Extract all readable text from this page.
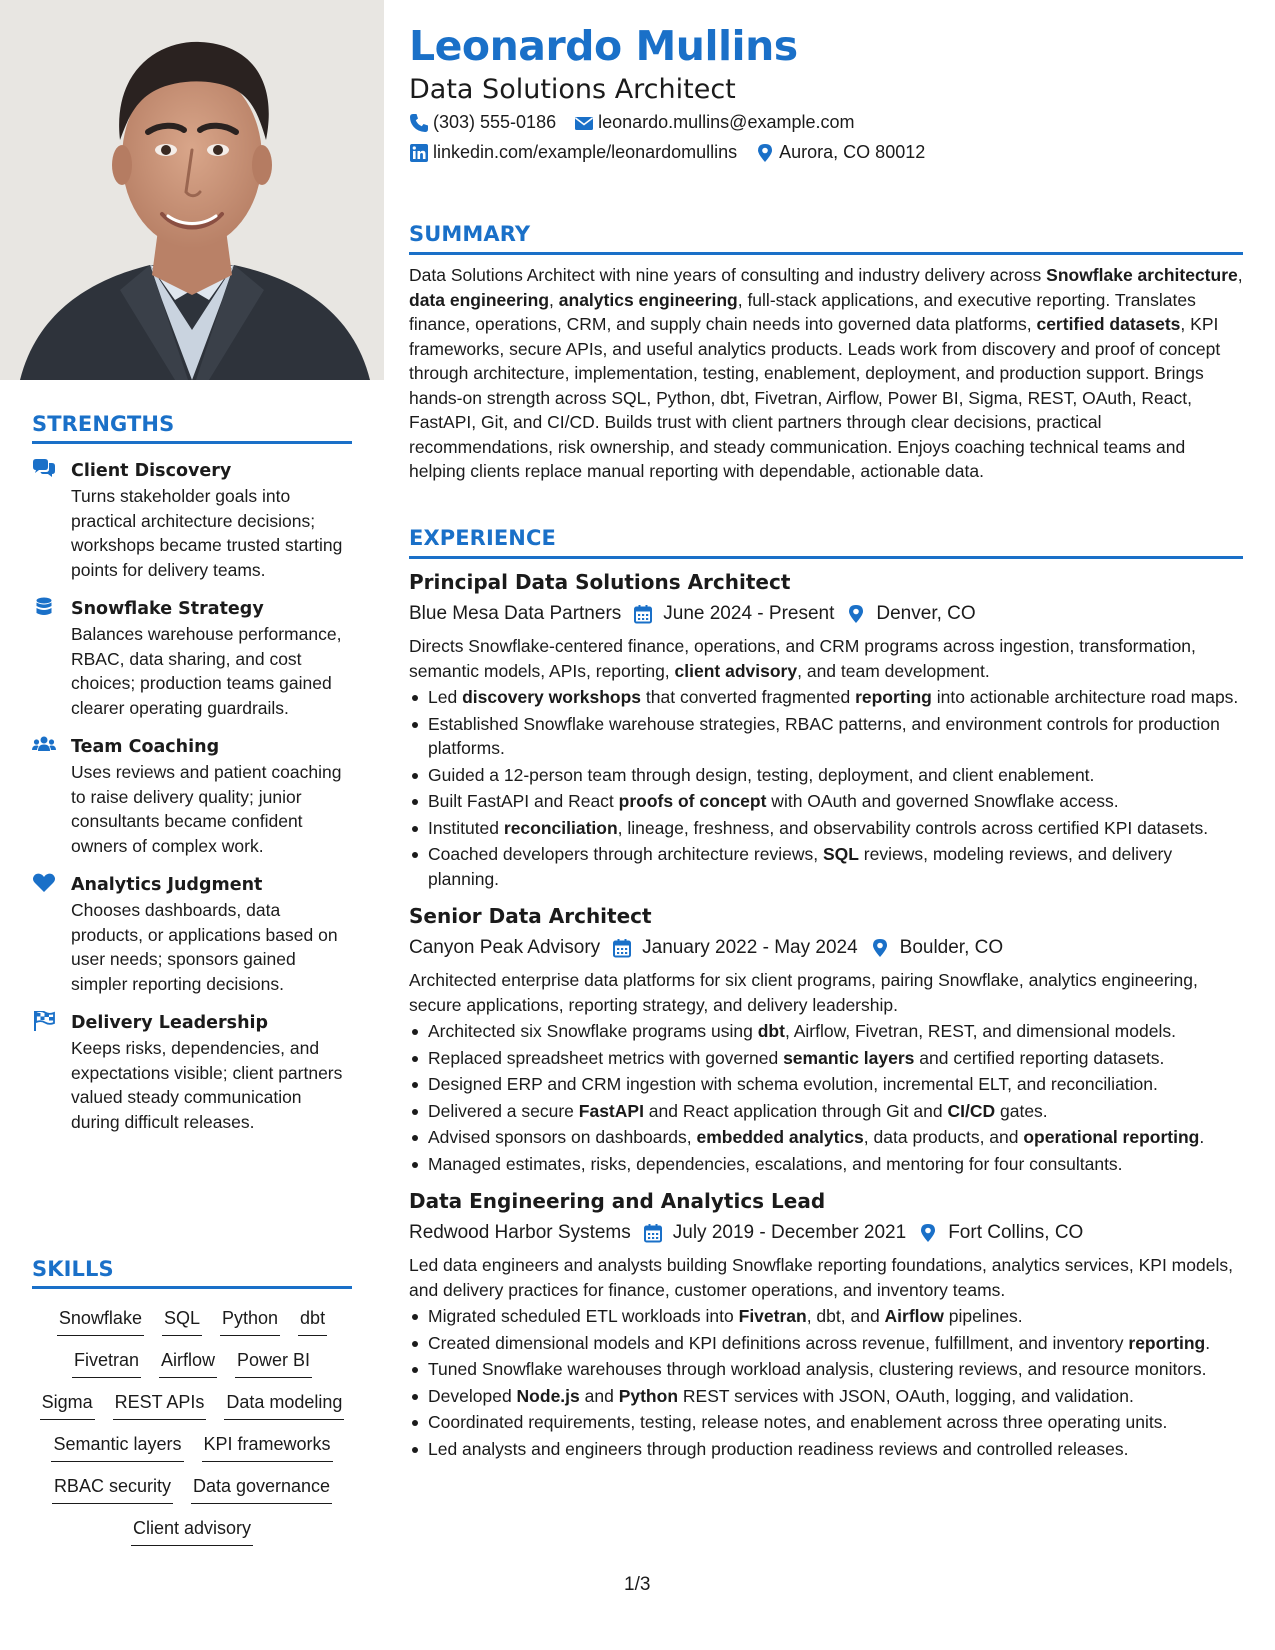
STRENGTHS
Client Discovery
Turns stakeholder goals into practical architecture decisions; workshops became trusted starting points for delivery teams.
Snowflake Strategy
Balances warehouse performance, RBAC, data sharing, and cost choices; production teams gained clearer operating guardrails.
Team Coaching
Uses reviews and patient coaching to raise delivery quality; junior consultants became confident owners of complex work.
Analytics Judgment
Chooses dashboards, data products, or applications based on user needs; sponsors gained simpler reporting decisions.
Delivery Leadership
Keeps risks, dependencies, and expectations visible; client partners valued steady communication during difficult releases.
SKILLS
Snowflake SQL Python dbt
Fivetran Airflow Power BI
Sigma REST APIs Data modeling
Semantic layers KPI frameworks
RBAC security Data governance
Client advisory
Leonardo Mullins
Data Solutions Architect
(303) 555-0186 leonardo.mullins@example.com
linkedin.com/example/leonardomullins Aurora, CO 80012
SUMMARY
Data Solutions Architect with nine years of consulting and industry delivery across Snowflake architecture, data engineering, analytics engineering, full-stack applications, and executive reporting. Translates finance, operations, CRM, and supply chain needs into governed data platforms, certified datasets, KPI frameworks, secure APIs, and useful analytics products. Leads work from discovery and proof of concept through architecture, implementation, testing, enablement, deployment, and production support. Brings hands-on strength across SQL, Python, dbt, Fivetran, Airflow, Power BI, Sigma, REST, OAuth, React, FastAPI, Git, and CI/CD. Builds trust with client partners through clear decisions, practical recommendations, risk ownership, and steady communication. Enjoys coaching technical teams and helping clients replace manual reporting with dependable, actionable data.
EXPERIENCE
Principal Data Solutions Architect
Blue Mesa Data Partners June 2024 - Present Denver, CO
Directs Snowflake-centered finance, operations, and CRM programs across ingestion, transformation, semantic models, APIs, reporting, client advisory, and team development.
Led discovery workshops that converted fragmented reporting into actionable architecture road maps.
Established Snowflake warehouse strategies, RBAC patterns, and environment controls for production platforms.
Guided a 12-person team through design, testing, deployment, and client enablement.
Built FastAPI and React proofs of concept with OAuth and governed Snowflake access.
Instituted reconciliation, lineage, freshness, and observability controls across certified KPI datasets.
Coached developers through architecture reviews, SQL reviews, modeling reviews, and delivery planning.
Senior Data Architect
Canyon Peak Advisory January 2022 - May 2024 Boulder, CO
Architected enterprise data platforms for six client programs, pairing Snowflake, analytics engineering, secure applications, reporting strategy, and delivery leadership.
Architected six Snowflake programs using dbt, Airflow, Fivetran, REST, and dimensional models.
Replaced spreadsheet metrics with governed semantic layers and certified reporting datasets.
Designed ERP and CRM ingestion with schema evolution, incremental ELT, and reconciliation.
Delivered a secure FastAPI and React application through Git and CI/CD gates.
Advised sponsors on dashboards, embedded analytics, data products, and operational reporting.
Managed estimates, risks, dependencies, escalations, and mentoring for four consultants.
Data Engineering and Analytics Lead
Redwood Harbor Systems July 2019 - December 2021 Fort Collins, CO
Led data engineers and analysts building Snowflake reporting foundations, analytics services, KPI models, and delivery practices for finance, customer operations, and inventory teams.
Migrated scheduled ETL workloads into Fivetran, dbt, and Airflow pipelines.
Created dimensional models and KPI definitions across revenue, fulfillment, and inventory reporting.
Tuned Snowflake warehouses through workload analysis, clustering reviews, and resource monitors.
Developed Node.js and Python REST services with JSON, OAuth, logging, and validation.
Coordinated requirements, testing, release notes, and enablement across three operating units.
Led analysts and engineers through production readiness reviews and controlled releases.
1/3
